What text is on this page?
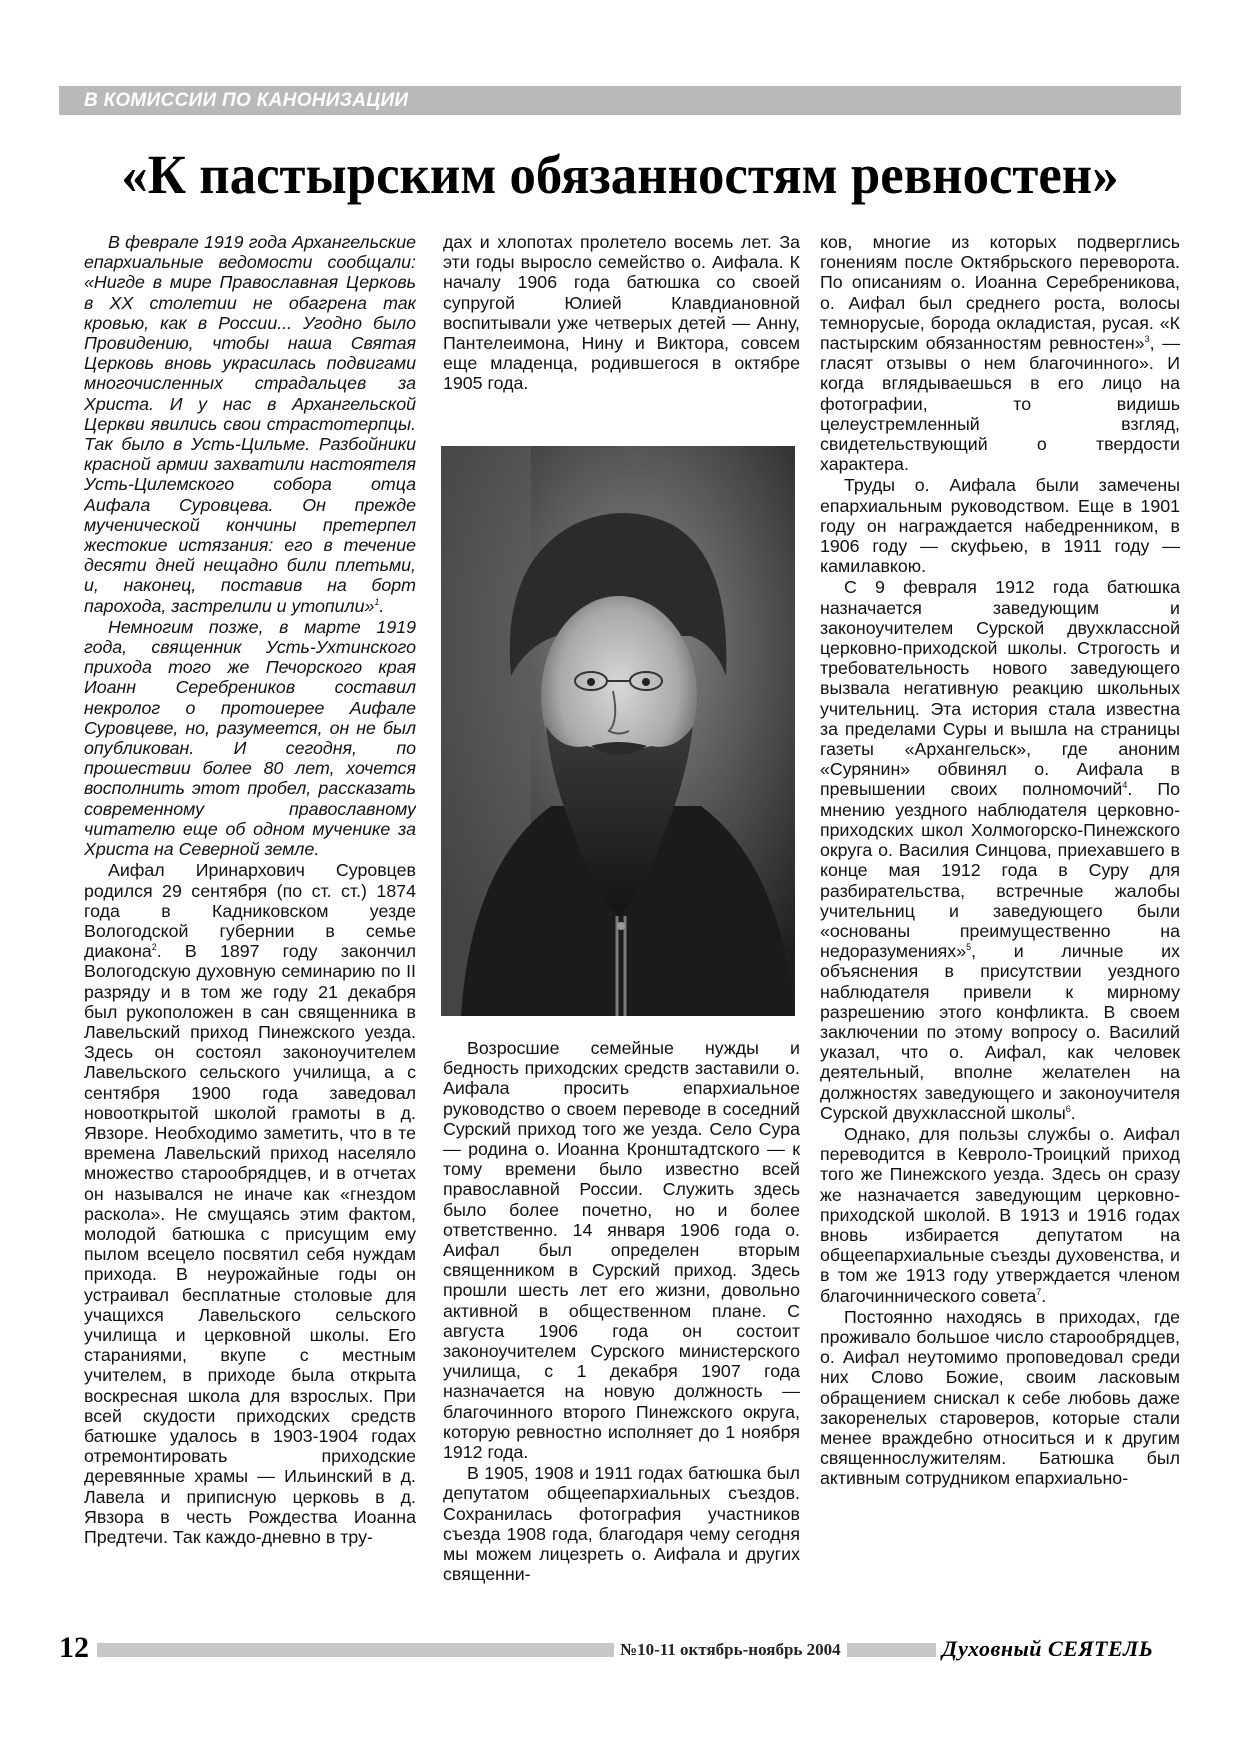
В КОМИССИИ ПО КАНОНИЗАЦИИ
«К пастырским обязанностям ревностен»

В феврале 1919 года Архангельские епархиальные ведомости сообщали: «Нигде в мире Православная Церковь в XX столетии не обагрена так кровью, как в России... Угодно было Провидению, чтобы наша Святая Церковь вновь украсилась подвигами многочисленных страдальцев за Христа. И у нас в Архангельской Церкви явились свои страстотерпцы. Так было в Усть-Цильме. Разбойники красной армии захватили настоятеля Усть-Цилемского собора отца Аифала Суровцева. Он прежде мученической кончины претерпел жестокие истязания: его в течение десяти дней нещадно били плетьми, и, наконец, поставив на борт парохода, застрелили и утопили»$^1$.

Немногим позже, в марте 1919 года, священник Усть-Ухтинского прихода того же Печорского края Иоанн Серебреников составил некролог о протоиерее Аифале Суровцеве, но, разумеется, он не был опубликован. И сегодня, по прошествии более 80 лет, хочется восполнить этот пробел, рассказать современному православному читателю еще об одном мученике за Христа на Северной земле.

Аифал Иринархович Суровцев родился 29 сентября (по ст. ст.) 1874 года в Кадниковском уезде Вологодской губернии в семье диакона$^2$. В 1897 году закончил Вологодскую духовную семинарию по II разряду и в том же году 21 декабря был рукоположен в сан священника в Лавельский приход Пинежского уезда. Здесь он состоял законоучителем Лавельского сельского училища, а с сентября 1900 года заведовал новооткрытой школой грамоты в д. Явзоре. Необходимо заметить, что в те времена Лавельский приход населяло множество старообрядцев, и в отчетах он назывался не иначе как «гнездом раскола». Не смущаясь этим фактом, молодой батюшка с присущим ему пылом всецело посвятил себя нуждам прихода. В неурожайные годы он устраивал бесплатные столовые для учащихся Лавельского сельского училища и церковной школы. Его стараниями, вкупе с местным учителем, в приходе была открыта воскресная школа для взрослых. При всей скудости приходских средств батюшке удалось в 1903-1904 годах отремонтировать приходские деревянные храмы — Ильинский в д. Лавела и приписную церковь в д. Явзора в честь Рождества Иоанна Предтечи. Так каждо-дневно в тру-

дах и хлопотах пролетело восемь лет. За эти годы выросло семейство о. Аифала. К началу 1906 года батюшка со своей супругой Юлией Клавдиановной воспитывали уже четверых детей — Анну, Пантелеимона, Нину и Виктора, совсем еще младенца, родившегося в октябре 1905 года.

Возросшие семейные нужды и бедность приходских средств заставили о. Аифала просить епархиальное руководство о своем переводе в соседний Сурский приход того же уезда. Село Сура — родина о. Иоанна Кронштадтского — к тому времени было известно всей православной России. Служить здесь было более почетно, но и более ответственно. 14 января 1906 года о. Аифал был определен вторым священником в Сурский приход. Здесь прошли шесть лет его жизни, довольно активной в общественном плане. С августа 1906 года он состоит законоучителем Сурского министерского училища, с 1 декабря 1907 года назначается на новую должность — благочинного второго Пинежского округа, которую ревностно исполняет до 1 ноября 1912 года.

В 1905, 1908 и 1911 годах батюшка был депутатом общеепархиальных съездов. Сохранилась фотография участников съезда 1908 года, благодаря чему сегодня мы можем лицезреть о. Аифала и других священни-

ков, многие из которых подверглись гонениям после Октябрьского переворота. По описаниям о. Иоанна Серебреникова, о. Аифал был среднего роста, волосы темнорусые, борода окладистая, русая. «К пастырским обязанностям ревностен»$^3$, — гласят отзывы о нем благочинного». И когда вглядываешься в его лицо на фотографии, то видишь целеустремленный взгляд, свидетельствующий о твердости характера.

Труды о. Аифала были замечены епархиальным руководством. Еще в 1901 году он награждается набедренником, в 1906 году — скуфьею, в 1911 году — камилавкою.

С 9 февраля 1912 года батюшка назначается заведующим и законоучителем Сурской двухклассной церковно-приходской школы. Строгость и требовательность нового заведующего вызвала негативную реакцию школьных учительниц. Эта история стала известна за пределами Суры и вышла на страницы газеты «Архангельск», где аноним «Сурянин» обвинял о. Аифала в превышении своих полномочий$^4$. По мнению уездного наблюдателя церковно-приходских школ Холмогорско-Пинежского округа о. Василия Синцова, приехавшего в конце мая 1912 года в Суру для разбирательства, встречные жалобы учительниц и заведующего были «основаны преимущественно на недоразумениях»$^5$, и личные их объяснения в присутствии уездного наблюдателя привели к мирному разрешению этого конфликта. В своем заключении по этому вопросу о. Василий указал, что о. Аифал, как человек деятельный, вполне желателен на должностях заведующего и законоучителя Сурской двухклассной школы$^6$.

Однако, для пользы службы о. Аифал переводится в Кевроло-Троицкий приход того же Пинежского уезда. Здесь он сразу же назначается заведующим церковно-приходской школой. В 1913 и 1916 годах вновь избирается депутатом на общеепархиальные съезды духовенства, и в том же 1913 году утверждается членом благочиннического совета$^7$.

Постоянно находясь в приходах, где проживало большое число старообрядцев, о. Аифал неутомимо проповедовал среди них Слово Божие, своим ласковым обращением снискал к себе любовь даже закоренелых староверов, которые стали менее враждебно относиться и к другим священнослужителям. Батюшка был активным сотрудником епархиально-

12	№10-11 октябрь-ноябрь 2004	Духовный СЕЯТЕЛЬ
